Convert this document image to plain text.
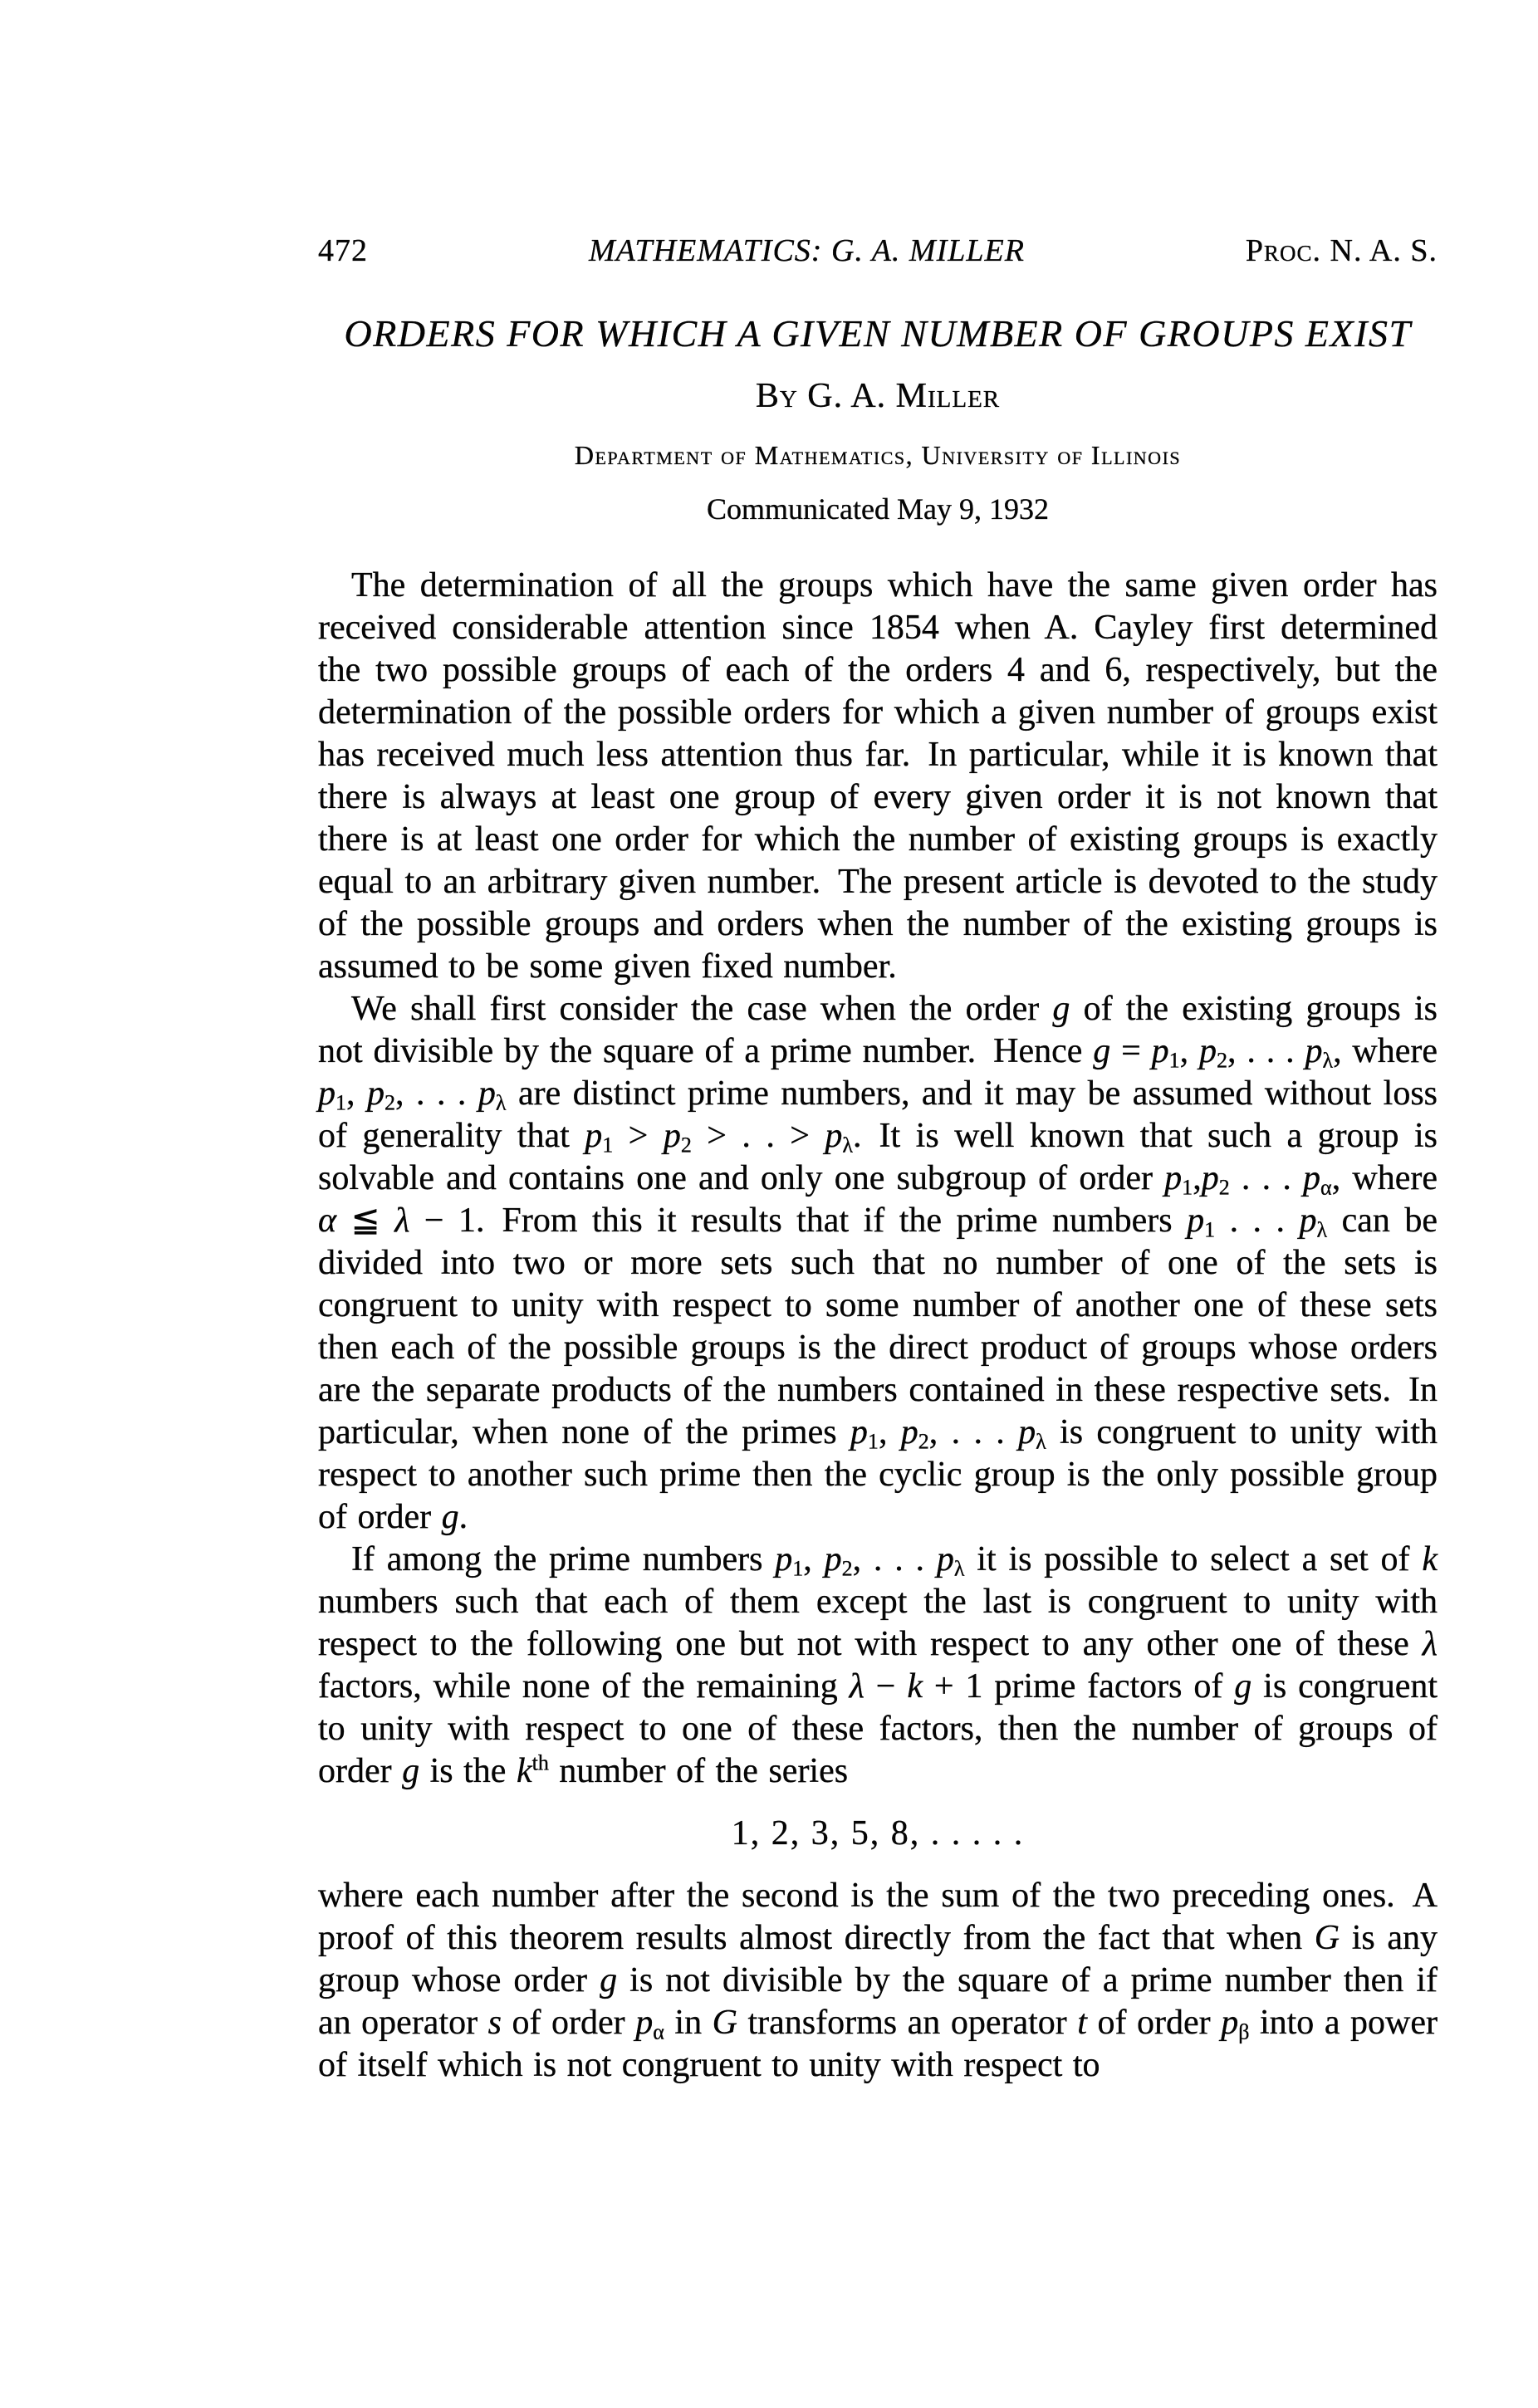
472	MATHEMATICS: G. A. MILLER	Proc. N. A. S.
ORDERS FOR WHICH A GIVEN NUMBER OF GROUPS EXIST
By G. A. Miller
Department of Mathematics, University of Illinois
Communicated May 9, 1932

The determination of all the groups which have the same given order has received considerable attention since 1854 when A. Cayley first determined the two possible groups of each of the orders 4 and 6, respectively, but the determination of the possible orders for which a given number of groups exist has received much less attention thus far. In particular, while it is known that there is always at least one group of every given order it is not known that there is at least one order for which the number of existing groups is exactly equal to an arbitrary given number. The present article is devoted to the study of the possible groups and orders when the number of the existing groups is assumed to be some given fixed number.

We shall first consider the case when the order g of the existing groups is not divisible by the square of a prime number. Hence $g = p_1$, $p_2$, . . . $p_\lambda$, where $p_1$, $p_2$, . . . $p_\lambda$ are distinct prime numbers, and it may be assumed without loss of generality that $p_1 > p_2$ > . . > $p_\lambda$. It is well known that such a group is solvable and contains one and only one subgroup of order $p_1,p_2$ . . . $p_\alpha$, where α ≦ λ − 1. From this it results that if the prime numbers $p_1$ . . . $p_\lambda$ can be divided into two or more sets such that no number of one of the sets is congruent to unity with respect to some number of another one of these sets then each of the possible groups is the direct product of groups whose orders are the separate products of the numbers contained in these respective sets. In particular, when none of the primes $p_1$, $p_2$, . . . $p_\lambda$ is congruent to unity with respect to another such prime then the cyclic group is the only possible group of order g.

If among the prime numbers $p_1$, $p_2$, . . . $p_\lambda$ it is possible to select a set of k numbers such that each of them except the last is congruent to unity with respect to the following one but not with respect to any other one of these λ factors, while none of the remaining λ − k + 1 prime factors of g is congruent to unity with respect to one of these factors, then the number of groups of order g is the $k^{th}$ number of the series

1, 2, 3, 5, 8, . . . . .

where each number after the second is the sum of the two preceding ones. A proof of this theorem results almost directly from the fact that when G is any group whose order g is not divisible by the square of a prime number then if an operator s of order $p_\alpha$ in G transforms an operator t of order $p_\beta$ into a power of itself which is not congruent to unity with respect to
